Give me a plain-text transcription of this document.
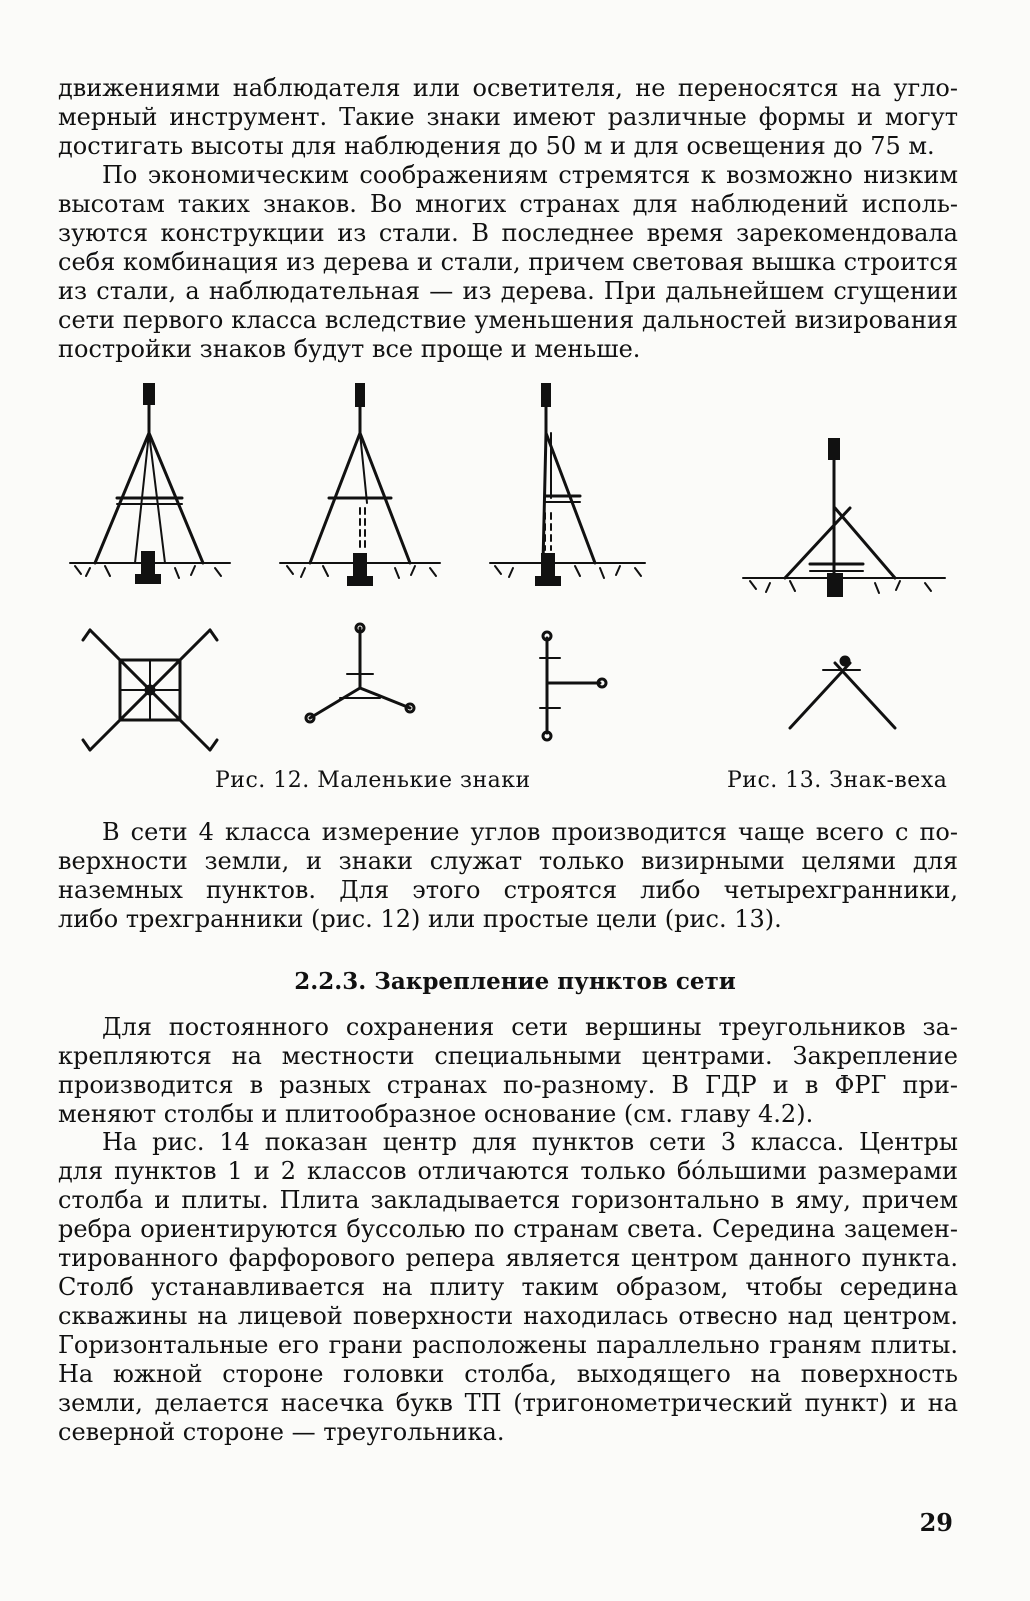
движениями наблюдателя или осветителя, не переносятся на угло-
мерный инструмент. Такие знаки имеют различные формы и могут
достигать высоты для наблюдения до 50 м и для освещения до 75 м.
По экономическим соображениям стремятся к возможно низким
высотам таких знаков. Во многих странах для наблюдений исполь-
зуются конструкции из стали. В последнее время зарекомендовала
себя комбинация из дерева и стали, причем световая вышка строится
из стали, а наблюдательная — из дерева. При дальнейшем сгущении
сети первого класса вследствие уменьшения дальностей визирования
постройки знаков будут все проще и меньше.
Рис. 12. Маленькие знаки	Рис. 13. Знак-веха
В сети 4 класса измерение углов производится чаще всего с по-
верхности земли, и знаки служат только визирными целями для
наземных пунктов. Для этого строятся либо четырехгранники,
либо трехгранники (рис. 12) или простые цели (рис. 13).
2.2.3. Закрепление пунктов сети
Для постоянного сохранения сети вершины треугольников за-
крепляются на местности специальными центрами. Закрепление
производится в разных странах по-разному. В ГДР и в ФРГ при-
меняют столбы и плитообразное основание (см. главу 4.2).
На рис. 14 показан центр для пунктов сети 3 класса. Центры
для пунктов 1 и 2 классов отличаются только бóльшими размерами
столба и плиты. Плита закладывается горизонтально в яму, причем
ребра ориентируются буссолью по странам света. Середина зацемен-
тированного фарфорового репера является центром данного пункта.
Столб устанавливается на плиту таким образом, чтобы середина
скважины на лицевой поверхности находилась отвесно над центром.
Горизонтальные его грани расположены параллельно граням плиты.
На южной стороне головки столба, выходящего на поверхность
земли, делается насечка букв ТП (тригонометрический пункт) и на
северной стороне — треугольника.
29
